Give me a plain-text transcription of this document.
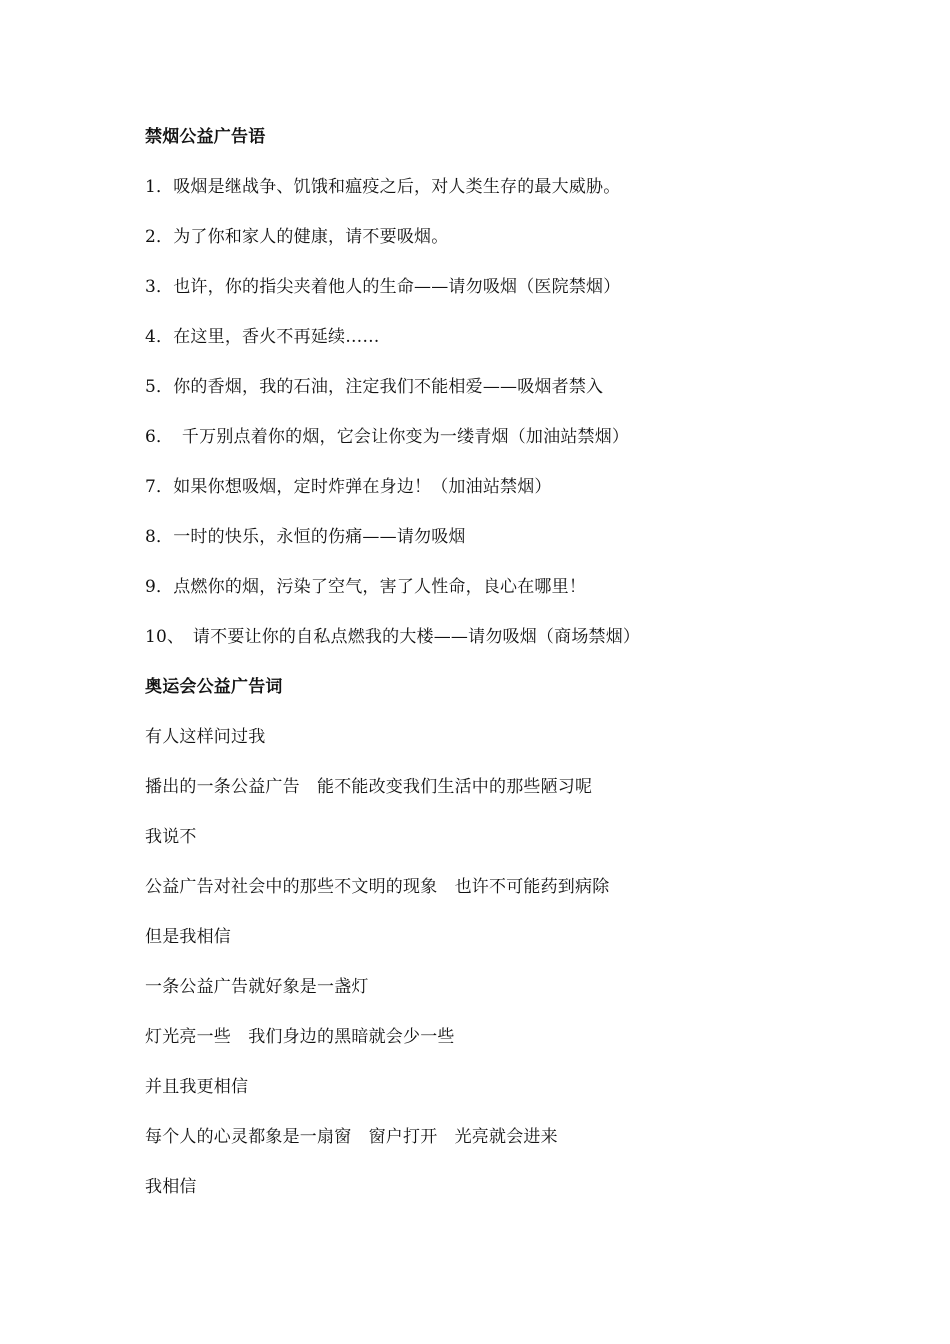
禁烟公益广告语
1．吸烟是继战争、饥饿和瘟疫之后，对人类生存的最大威胁。
2．为了你和家人的健康，请不要吸烟。
3．也许，你的指尖夹着他人的生命——请勿吸烟（医院禁烟）
4．在这里，香火不再延续……
5．你的香烟，我的石油，注定我们不能相爱——吸烟者禁入
6．　千万别点着你的烟，它会让你变为一缕青烟（加油站禁烟）
7．如果你想吸烟，定时炸弹在身边！（加油站禁烟）
8．一时的快乐，永恒的伤痛——请勿吸烟
9．点燃你的烟，污染了空气，害了人性命，良心在哪里！
10、　请不要让你的自私点燃我的大楼——请勿吸烟（商场禁烟）
奥运会公益广告词
有人这样问过我
播出的一条公益广告　能不能改变我们生活中的那些陋习呢
我说不
公益广告对社会中的那些不文明的现象　也许不可能药到病除
但是我相信
一条公益广告就好象是一盏灯
灯光亮一些　我们身边的黑暗就会少一些
并且我更相信
每个人的心灵都象是一扇窗　窗户打开　光亮就会进来
我相信
